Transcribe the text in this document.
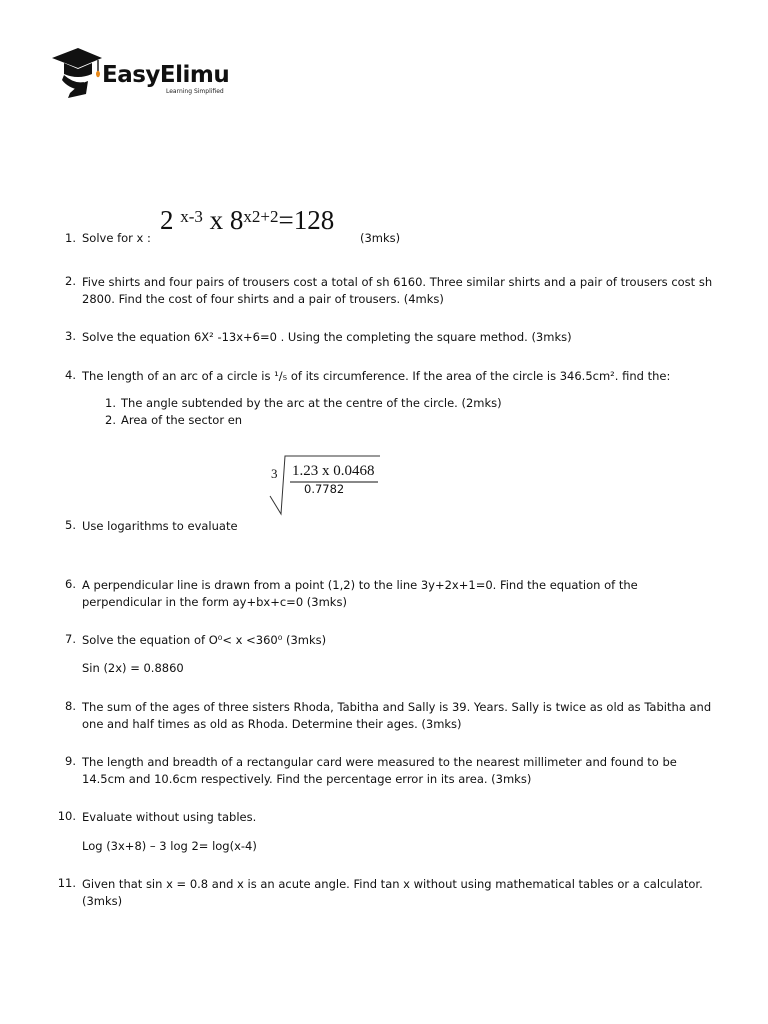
EasyElimu
Learning Simplified
1. Solve for x :
2 $^{x-3}$ x $8^{x2+2}=128$
(3mks)
2. Five shirts and four pairs of trousers cost a total of sh 6160. Three similar shirts and a pair of trousers cost sh 2800. Find the cost of four shirts and a pair of trousers. (4mks)
3. Solve the equation 6X² -13x+6=0 . Using the completing the square method. (3mks)
4. The length of an arc of a circle is ¹/₅ of its circumference. If the area of the circle is 346.5cm². find the:
1. The angle subtended by the arc at the centre of the circle. (2mks)
2. Area of the sector en
3 1.23 x 0.0468
0.7782
5. Use logarithms to evaluate
6. A perpendicular line is drawn from a point (1,2) to the line 3y+2x+1=0. Find the equation of the perpendicular in the form ay+bx+c=0 (3mks)
7. Solve the equation of O⁰< x <360⁰ (3mks)
Sin (2x) = 0.8860
8. The sum of the ages of three sisters Rhoda, Tabitha and Sally is 39. Years. Sally is twice as old as Tabitha and one and half times as old as Rhoda. Determine their ages. (3mks)
9. The length and breadth of a rectangular card were measured to the nearest millimeter and found to be 14.5cm and 10.6cm respectively. Find the percentage error in its area. (3mks)
10. Evaluate without using tables.
Log (3x+8) – 3 log 2= log(x-4)
11. Given that sin x = 0.8 and x is an acute angle. Find tan x without using mathematical tables or a calculator. (3mks)
